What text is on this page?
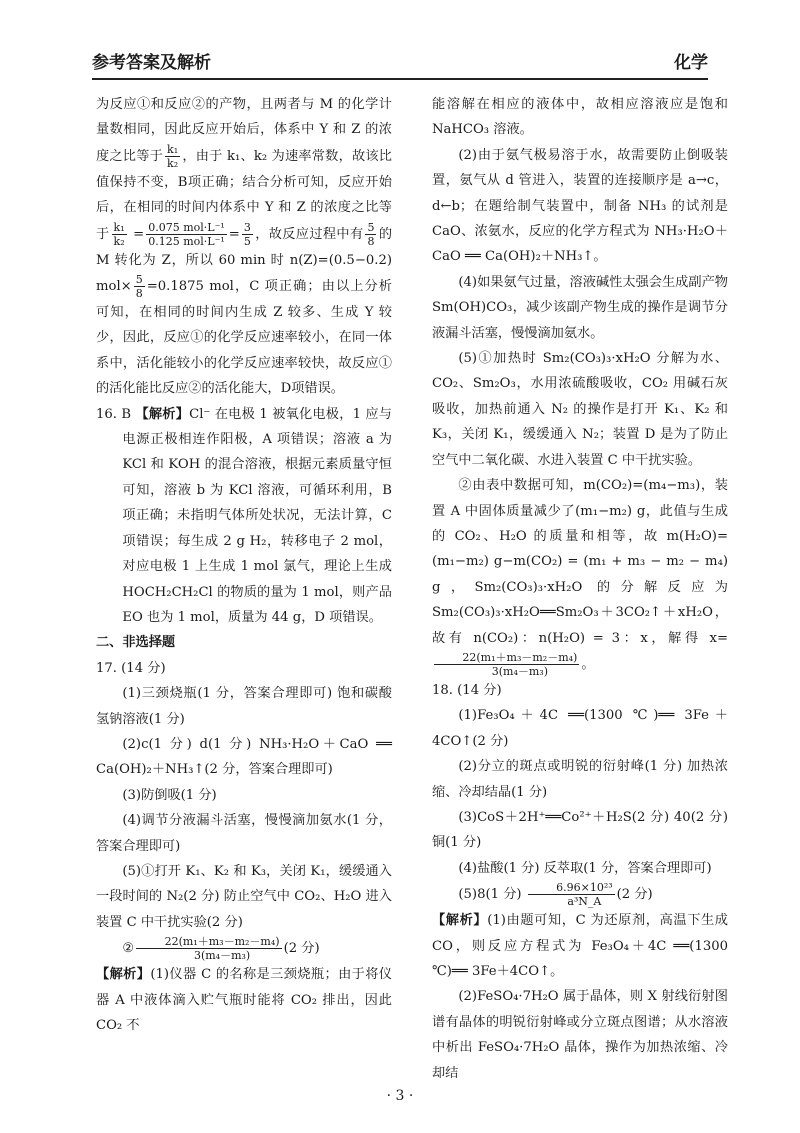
参考答案及解析	化学

为反应①和反应②的产物，且两者与 M 的化学计量数相同，因此反应开始后，体系中 Y 和 Z 的浓度之比等于 $\frac{\text{k₁}}{\text{k₂}}$ ，由于 k₁、k₂ 为速率常数，故该比值保持不变，B项正确；结合分析可知，反应开始后，在相同的时间内体系中 Y 和 Z 的浓度之比等于 $\frac{\text{k₁}}{\text{k₂}} = \frac{\text{0.075 mol·L⁻¹}}{\text{0.125 mol·L⁻¹}} = \frac{3}{5}$ ，故反应过程中有 $\frac{5}{8}$ 的 M 转化为 Z，所以 60 min 时 n(Z)=(0.5−0.2) $mol\times \frac{5}{8} =0.1875$ mol，C 项正确；由以上分析可知，在相同的时间内生成 Z 较多、生成 Y 较少，因此，反应①的化学反应速率较小，在同一体系中，活化能较小的化学反应速率较快，故反应①的活化能比反应②的活化能大，D项错误。

16. B 【解析】Cl⁻ 在电极 1 被氧化电极，1 应与电源正极相连作阳极，A 项错误；溶液 a 为 KCl 和 KOH 的混合溶液，根据元素质量守恒可知，溶液 b 为 KCl 溶液，可循环利用，B 项正确；未指明气体所处状况，无法计算，C 项错误；每生成 2 g H₂，转移电子 2 mol，对应电极 1 上生成 1 mol 氯气，理论上生成 HOCH₂CH₂Cl 的物质的量为 1 mol，则产品 EO 也为 1 mol，质量为 44 g，D 项错误。

二、非选择题

17. (14 分)

(1)三颈烧瓶(1 分，答案合理即可) 饱和碳酸氢钠溶液(1 分)

(2)c(1 分) d(1 分) NH₃·H₂O＋CaO ══ Ca(OH)₂＋NH₃↑(2 分，答案合理即可)

(3)防倒吸(1 分)

(4)调节分液漏斗活塞，慢慢滴加氨水(1 分，答案合理即可)

(5)①打开 K₁、K₂ 和 K₃，关闭 K₁，缓缓通入一段时间的 N₂(2 分) 防止空气中 CO₂、H₂O 进入装置 C 中干扰实验(2 分)

② $\frac{\text{22(m₁＋m₃－m₂－m₄)}}{\text{3(m₄－m₃)}} (2$ 分)

【解析】(1)仪器 C 的名称是三颈烧瓶；由于将仪器 A 中液体滴入贮气瓶时能将 CO₂ 排出，因此 CO₂ 不

能溶解在相应的液体中，故相应溶液应是饱和 NaHCO₃ 溶液。

(2)由于氨气极易溶于水，故需要防止倒吸装置，氨气从 d 管进入，装置的连接顺序是 a→c，d←b；在題给制气装置中，制备 NH₃ 的试剂是 CaO、浓氨水，反应的化学方程式为 NH₃·H₂O＋CaO ══ Ca(OH)₂＋NH₃↑。

(4)如果氨气过量，溶液碱性太强会生成副产物 Sm(OH)CO₃，减少该副产物生成的操作是调节分液漏斗活塞，慢慢滴加氨水。

(5)①加热时 Sm₂(CO₃)₃·xH₂O 分解为水、CO₂、Sm₂O₃，水用浓硫酸吸收，CO₂ 用碱石灰吸收，加热前通入 N₂ 的操作是打开 K₁、K₂ 和 K₃，关闭 K₁，缓缓通入 N₂；装置 D 是为了防止空气中二氧化碳、水进入装置 C 中干扰实验。

②由表中数据可知，m(CO₂)=(m₄−m₃)，装置 A 中固体质量减少了(m₁−m₂) g，此值与生成的 CO₂、H₂O 的质量和相等，故 m(H₂O)=(m₁−m₂) g−m(CO₂) = (m₁ + m₃ − m₂ − m₄) g，Sm₂(CO₃)₃·xH₂O 的分解反应为 Sm₂(CO₃)₃·xH₂O══Sm₂O₃＋3CO₂↑＋xH₂O，故有 n(CO₂)：n(H₂O) = 3：x，解得 x=
$\frac{\text{22(m₁＋m₃－m₂－m₄)}}{\text{3(m₄－m₃)}}$ 。

18. (14 分)

(1)Fe₃O₄＋4C ══(1300 ℃)══ 3Fe＋4CO↑(2 分)

(2)分立的斑点或明锐的衍射峰(1 分) 加热浓缩、冷却结晶(1 分)

(3)CoS＋2H⁺══Co²⁺＋H₂S(2 分) 40(2 分) 铜(1 分)

(4)盐酸(1 分) 反萃取(1 分，答案合理即可)

(5)8(1 分) $\frac{\text{6.96×10²³}}{\text{a³N\_A}} (2$ 分)

【解析】(1)由题可知，C 为还原剂，高温下生成 CO，则反应方程式为 Fe₃O₄＋4C ══(1300 ℃)══ 3Fe＋4CO↑。

(2)FeSO₄·7H₂O 属于晶体，则 X 射线衍射图谱有晶体的明锐衍射峰或分立斑点图谱；从水溶液中析出 FeSO₄·7H₂O 晶体，操作为加热浓缩、冷却结

· 3 ·
